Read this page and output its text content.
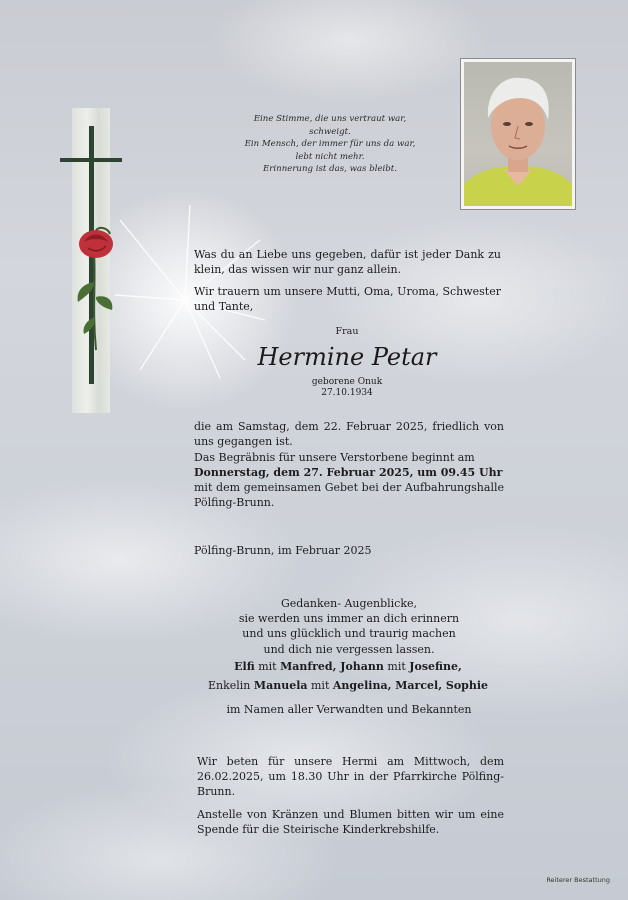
Eine Stimme, die uns vertraut war,
schweigt.
Ein Mensch, der immer für uns da war,
lebt nicht mehr.
Erinnerung ist das, was bleibt.

Was du an Liebe uns gegeben, dafür ist jeder Dank zu klein, das wissen wir nur ganz allein.

Wir trauern um unsere Mutti, Oma, Uroma, Schwester und Tante,

Frau
Hermine Petar
geborene Onuk
27.10.1934

die am Samstag, dem 22. Februar 2025, friedlich von uns gegangen ist.

Das Begräbnis für unsere Verstorbene beginnt am

Donnerstag, dem 27. Februar 2025, um 09.45 Uhr

mit dem gemeinsamen Gebet bei der Aufbahrungshalle Pölfing-Brunn.

Pölfing-Brunn, im Februar 2025
Gedanken- Augenblicke,
sie werden uns immer an dich erinnern
und uns glücklich und traurig machen
und dich nie vergessen lassen.
Elfi mit Manfred, Johann mit Josefine,
Enkelin Manuela mit Angelina, Marcel, Sophie
im Namen aller Verwandten und Bekannten

Wir beten für unsere Hermi am Mittwoch, dem 26.02.2025, um 18.30 Uhr in der Pfarrkirche Pölfing-Brunn.

Anstelle von Kränzen und Blumen bitten wir um eine Spende für die Steirische Kinderkrebshilfe.

Reiterer Bestattung
